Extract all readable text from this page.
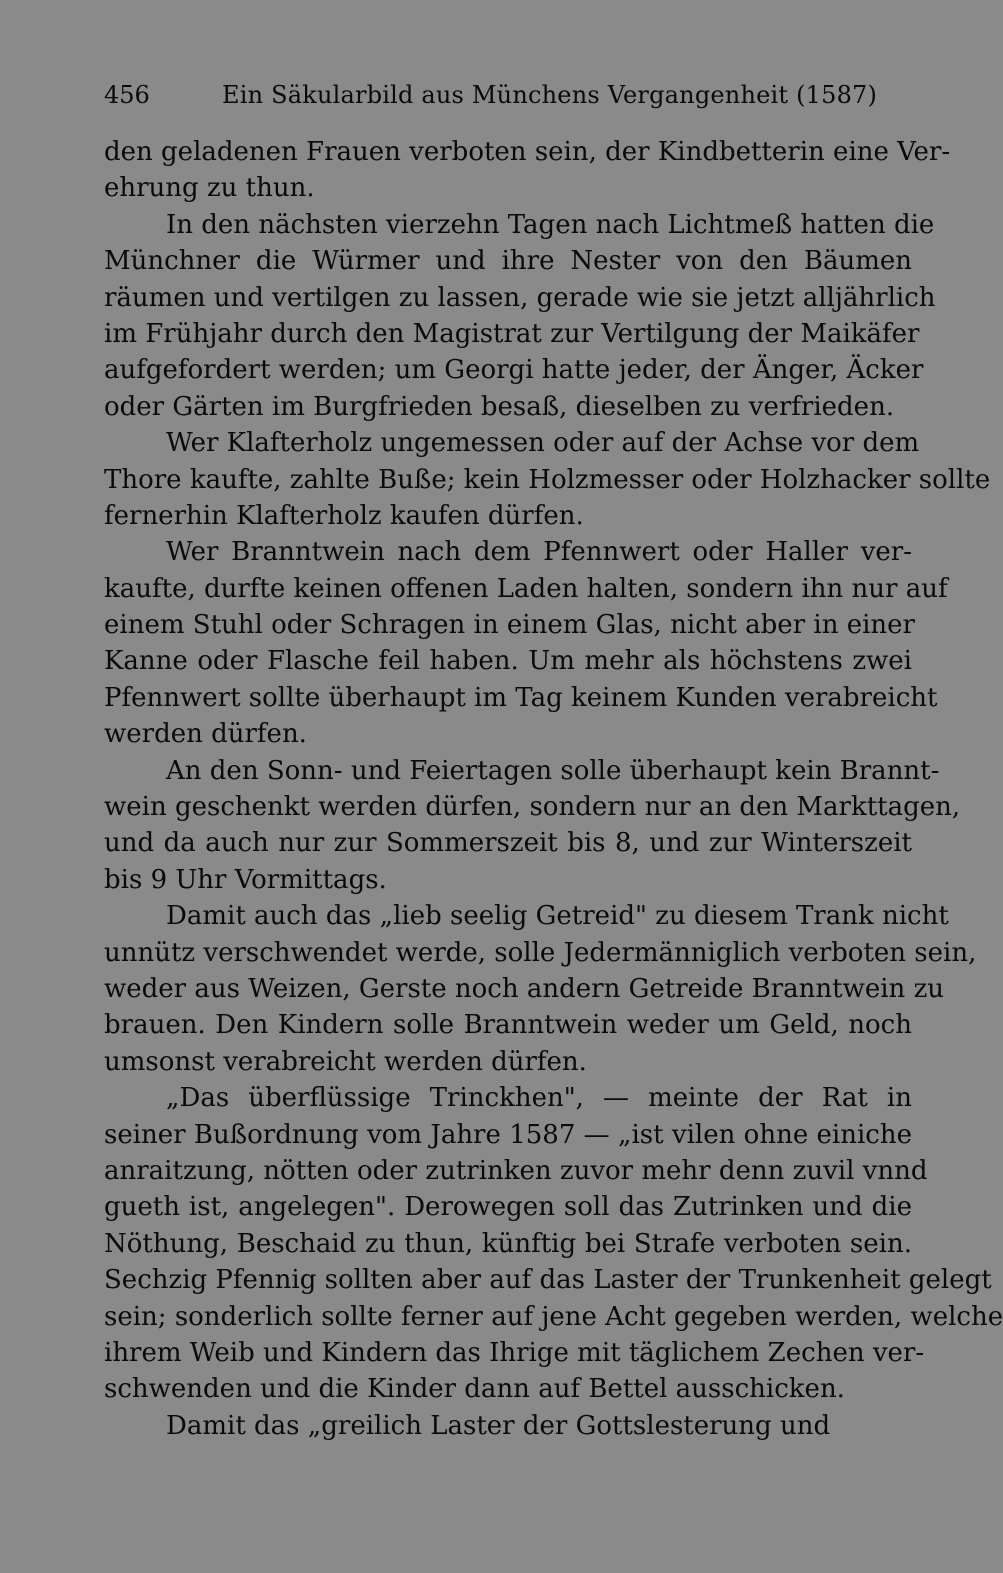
456	Ein Säkularbild aus Münchens Vergangenheit (1587)
den geladenen Frauen verboten sein, der Kindbetterin eine Ver-
ehrung zu thun.
In den nächsten vierzehn Tagen nach Lichtmeß hatten die
Münchner die Würmer und ihre Nester von den Bäumen
räumen und vertilgen zu lassen, gerade wie sie jetzt alljährlich
im Frühjahr durch den Magistrat zur Vertilgung der Maikäfer
aufgefordert werden; um Georgi hatte jeder, der Änger, Äcker
oder Gärten im Burgfrieden besaß, dieselben zu verfrieden.
Wer Klafterholz ungemessen oder auf der Achse vor dem
Thore kaufte, zahlte Buße; kein Holzmesser oder Holzhacker sollte
fernerhin Klafterholz kaufen dürfen.
Wer Branntwein nach dem Pfennwert oder Haller ver-
kaufte, durfte keinen offenen Laden halten, sondern ihn nur auf
einem Stuhl oder Schragen in einem Glas, nicht aber in einer
Kanne oder Flasche feil haben. Um mehr als höchstens zwei
Pfennwert sollte überhaupt im Tag keinem Kunden verabreicht
werden dürfen.
An den Sonn- und Feiertagen solle überhaupt kein Brannt-
wein geschenkt werden dürfen, sondern nur an den Markttagen,
und da auch nur zur Sommerszeit bis 8, und zur Winterszeit
bis 9 Uhr Vormittags.
Damit auch das „lieb seelig Getreid" zu diesem Trank nicht
unnütz verschwendet werde, solle Jedermänniglich verboten sein,
weder aus Weizen, Gerste noch andern Getreide Branntwein zu
brauen. Den Kindern solle Branntwein weder um Geld, noch
umsonst verabreicht werden dürfen.
„Das überflüssige Trinckhen", — meinte der Rat in
seiner Bußordnung vom Jahre 1587 — „ist vilen ohne einiche
anraitzung, nötten oder zutrinken zuvor mehr denn zuvil vnnd
gueth ist, angelegen". Derowegen soll das Zutrinken und die
Nöthung, Beschaid zu thun, künftig bei Strafe verboten sein.
Sechzig Pfennig sollten aber auf das Laster der Trunkenheit gelegt
sein; sonderlich sollte ferner auf jene Acht gegeben werden, welche
ihrem Weib und Kindern das Ihrige mit täglichem Zechen ver-
schwenden und die Kinder dann auf Bettel ausschicken.
Damit das „greilich Laster der Gottslesterung und
